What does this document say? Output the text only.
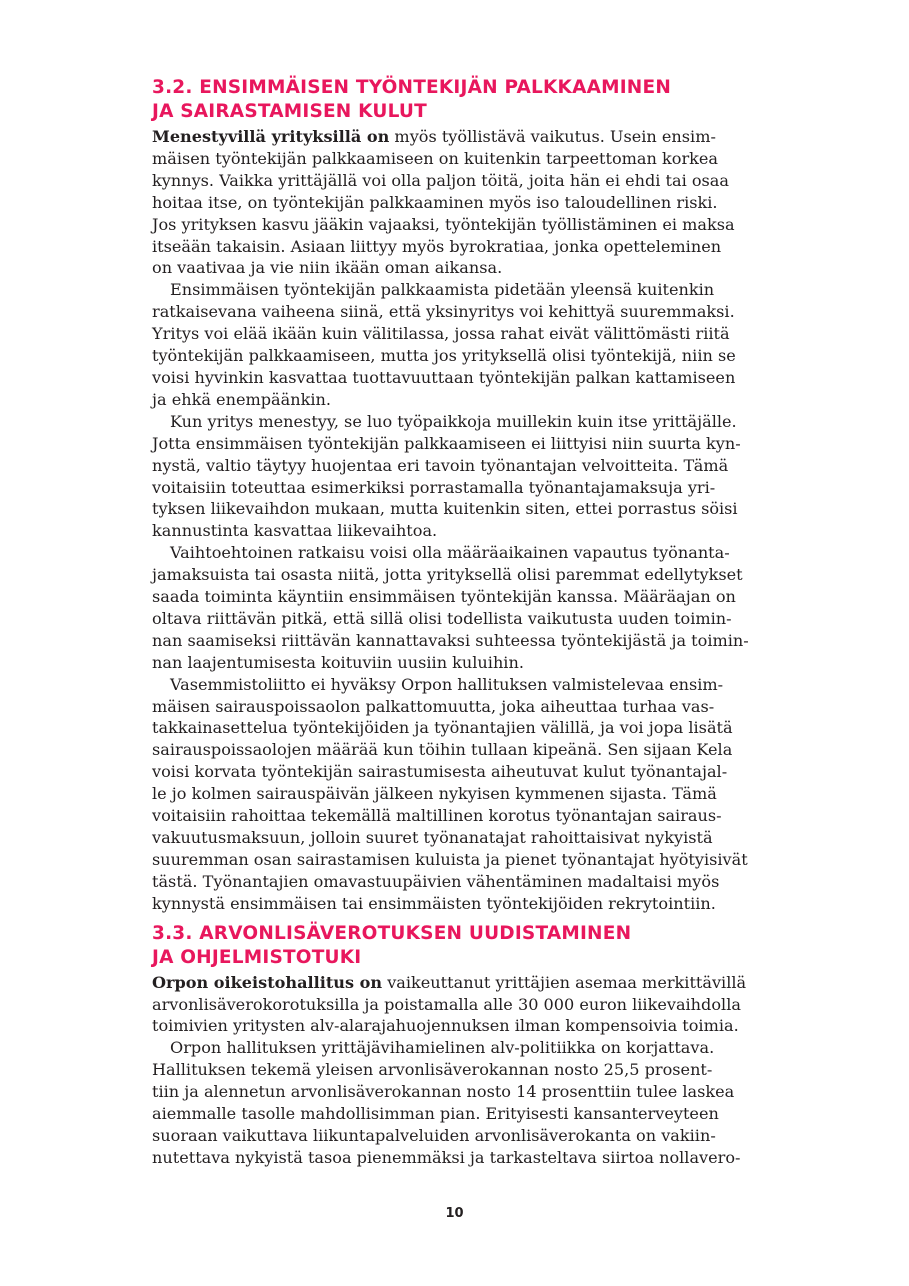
3.2. ENSIMMÄISEN TYÖNTEKIJÄN PALKKAAMINEN
JA SAIRASTAMISEN KULUT

Menestyvillä yrityksillä on myös työllistävä vaikutus. Usein ensim-
mäisen työntekijän palkkaamiseen on kuitenkin tarpeettoman korkea
kynnys. Vaikka yrittäjällä voi olla paljon töitä, joita hän ei ehdi tai osaa
hoitaa itse, on työntekijän palkkaaminen myös iso taloudellinen riski.
Jos yrityksen kasvu jääkin vajaaksi, työntekijän työllistäminen ei maksa
itseään takaisin. Asiaan liittyy myös byrokratiaa, jonka opetteleminen
on vaativaa ja vie niin ikään oman aikansa.

Ensimmäisen työntekijän palkkaamista pidetään yleensä kuitenkin
ratkaisevana vaiheena siinä, että yksinyritys voi kehittyä suuremmaksi.
Yritys voi elää ikään kuin välitilassa, jossa rahat eivät välittömästi riitä
työntekijän palkkaamiseen, mutta jos yrityksellä olisi työntekijä, niin se
voisi hyvinkin kasvattaa tuottavuuttaan työntekijän palkan kattamiseen
ja ehkä enempäänkin.

Kun yritys menestyy, se luo työpaikkoja muillekin kuin itse yrittäjälle.
Jotta ensimmäisen työntekijän palkkaamiseen ei liittyisi niin suurta kyn-
nystä, valtio täytyy huojentaa eri tavoin työnantajan velvoitteita. Tämä
voitaisiin toteuttaa esimerkiksi porrastamalla työnantajamaksuja yri-
tyksen liikevaihdon mukaan, mutta kuitenkin siten, ettei porrastus söisi
kannustinta kasvattaa liikevaihtoa.

Vaihtoehtoinen ratkaisu voisi olla määräaikainen vapautus työnanta-
jamaksuista tai osasta niitä, jotta yrityksellä olisi paremmat edellytykset
saada toiminta käyntiin ensimmäisen työntekijän kanssa. Määräajan on
oltava riittävän pitkä, että sillä olisi todellista vaikutusta uuden toimin-
nan saamiseksi riittävän kannattavaksi suhteessa työntekijästä ja toimin-
nan laajentumisesta koituviin uusiin kuluihin.

Vasemmistoliitto ei hyväksy Orpon hallituksen valmistelevaa ensim-
mäisen sairauspoissaolon palkattomuutta, joka aiheuttaa turhaa vas-
takkainasettelua työntekijöiden ja työnantajien välillä, ja voi jopa lisätä
sairauspoissaolojen määrää kun töihin tullaan kipeänä. Sen sijaan Kela
voisi korvata työntekijän sairastumisesta aiheutuvat kulut työnantajal-
le jo kolmen sairauspäivän jälkeen nykyisen kymmenen sijasta. Tämä
voitaisiin rahoittaa tekemällä maltillinen korotus työnantajan sairaus-
vakuutusmaksuun, jolloin suuret työnanatajat rahoittaisivat nykyistä
suuremman osan sairastamisen kuluista ja pienet työnantajat hyötyisivät
tästä. Työnantajien omavastuupäivien vähentäminen madaltaisi myös
kynnystä ensimmäisen tai ensimmäisten työntekijöiden rekrytointiin.

3.3. ARVONLISÄVEROTUKSEN UUDISTAMINEN
JA OHJELMISTOTUKI

Orpon oikeistohallitus on vaikeuttanut yrittäjien asemaa merkittävillä
arvonlisäverokorotuksilla ja poistamalla alle 30 000 euron liikevaihdolla
toimivien yritysten alv-alarajahuojennuksen ilman kompensoivia toimia.

Orpon hallituksen yrittäjävihamielinen alv-politiikka on korjattava.
Hallituksen tekemä yleisen arvonlisäverokannan nosto 25,5 prosent-
tiin ja alennetun arvonlisäverokannan nosto 14 prosenttiin tulee laskea
aiemmalle tasolle mahdollisimman pian. Erityisesti kansanterveyteen
suoraan vaikuttava liikuntapalveluiden arvonlisäverokanta on vakiin-
nutettava nykyistä tasoa pienemmäksi ja tarkasteltava siirtoa nollavero-

10
